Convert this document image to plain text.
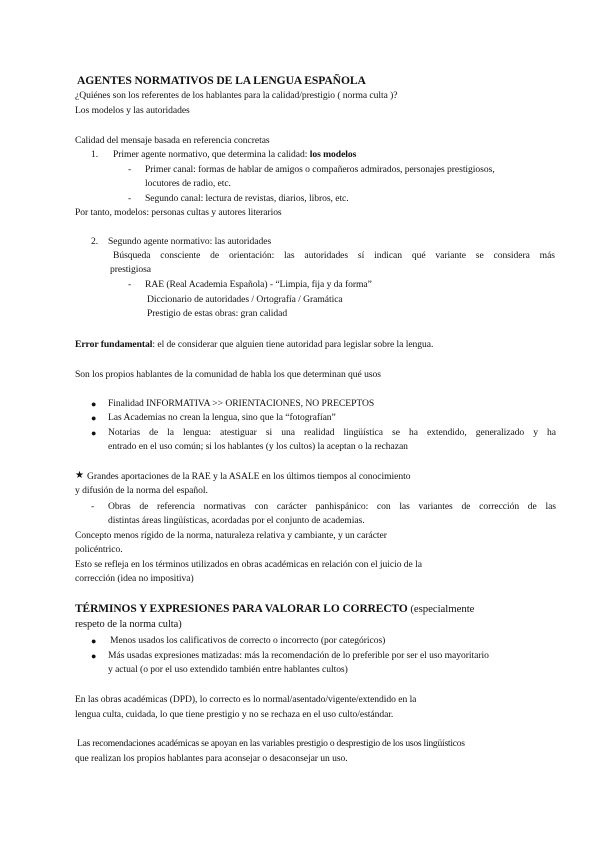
AGENTES NORMATIVOS DE LA LENGUA ESPAÑOLA
¿Quiénes son los referentes de los hablantes para la calidad/prestigio ( norma culta )?
Los modelos y las autoridades
Calidad del mensaje basada en referencia concretas
1. Primer agente normativo, que determina la calidad: los modelos
- Primer canal: formas de hablar de amigos o compañeros admirados, personajes prestigiosos,
locutores de radio, etc.
- Segundo canal: lectura de revistas, diarios, libros, etc.
Por tanto, modelos: personas cultas y autores literarios
2. Segundo agente normativo: las autoridades
Búsqueda consciente de orientación: las autoridades sí indican qué variante se considera más
prestigiosa
- RAE (Real Academia Española) - “Limpia, fija y da forma”
Diccionario de autoridades / Ortografía / Gramática
Prestigio de estas obras: gran calidad
Error fundamental: el de considerar que alguien tiene autoridad para legislar sobre la lengua.
Son los propios hablantes de la comunidad de habla los que determinan qué usos
● Finalidad INFORMATIVA >> ORIENTACIONES, NO PRECEPTOS
● Las Academias no crean la lengua, sino que la “fotografían”
● Notarias de la lengua: atestiguar si una realidad lingüística se ha extendido, generalizado y ha
entrado en el uso común; si los hablantes (y los cultos) la aceptan o la rechazan
★ Grandes aportaciones de la RAE y la ASALE en los últimos tiempos al conocimiento
y difusión de la norma del español.
- Obras de referencia normativas con carácter panhispánico: con las variantes de corrección de las
distintas áreas lingüísticas, acordadas por el conjunto de academias.
Concepto menos rígido de la norma, naturaleza relativa y cambiante, y un carácter
policéntrico.
Esto se refleja en los términos utilizados en obras académicas en relación con el juicio de la
corrección (idea no impositiva)
TÉRMINOS Y EXPRESIONES PARA VALORAR LO CORRECTO (especialmente
respeto de la norma culta)
● Menos usados los calificativos de correcto o incorrecto (por categóricos)
● Más usadas expresiones matizadas: más la recomendación de lo preferible por ser el uso mayoritario
y actual (o por el uso extendido también entre hablantes cultos)
En las obras académicas (DPD), lo correcto es lo normal/asentado/vigente/extendido en la
lengua culta, cuidada, lo que tiene prestigio y no se rechaza en el uso culto/estándar.
Las recomendaciones académicas se apoyan en las variables prestigio o desprestigio de los usos lingüísticos
que realizan los propios hablantes para aconsejar o desaconsejar un uso.
